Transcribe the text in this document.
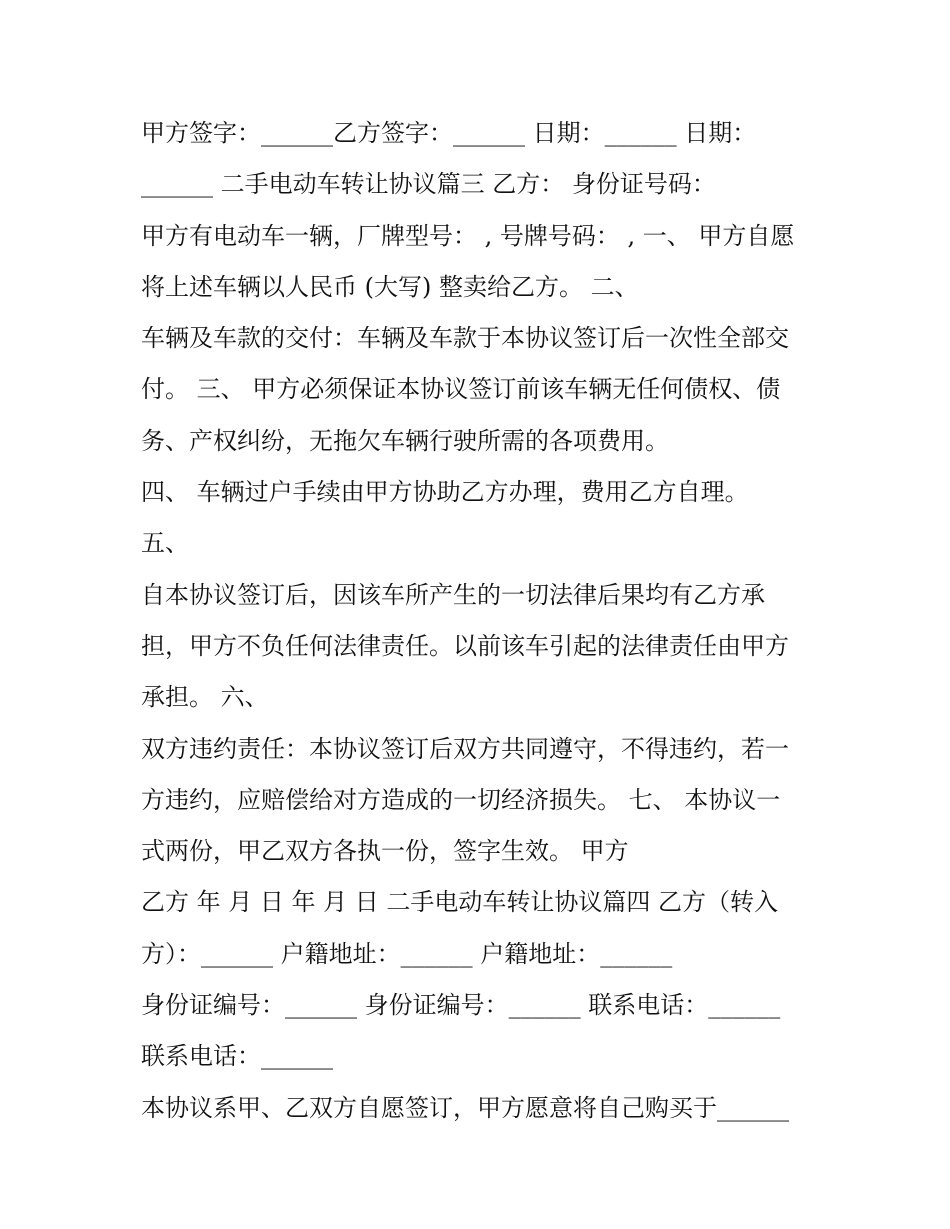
甲方签字：______乙方签字：______ 日期：______ 日期：
______ 二手电动车转让协议篇三 乙方： 身份证号码：
甲方有电动车一辆，厂牌型号： , 号牌号码： , 一、 甲方自愿
将上述车辆以人民币 (大写) 整卖给乙方。 二、
车辆及车款的交付：车辆及车款于本协议签订后一次性全部交
付。 三、 甲方必须保证本协议签订前该车辆无任何债权、债
务、产权纠纷，无拖欠车辆行驶所需的各项费用。
四、 车辆过户手续由甲方协助乙方办理，费用乙方自理。
五、
自本协议签订后，因该车所产生的一切法律后果均有乙方承
担，甲方不负任何法律责任。以前该车引起的法律责任由甲方
承担。 六、
双方违约责任：本协议签订后双方共同遵守，不得违约，若一
方违约，应赔偿给对方造成的一切经济损失。 七、 本协议一
式两份，甲乙双方各执一份，签字生效。 甲方
乙方 年 月 日 年 月 日 二手电动车转让协议篇四 乙方（转入
方）：______ 户籍地址：______ 户籍地址：______
身份证编号：______ 身份证编号：______ 联系电话：______
联系电话：______
本协议系甲、乙双方自愿签订，甲方愿意将自己购买于______
